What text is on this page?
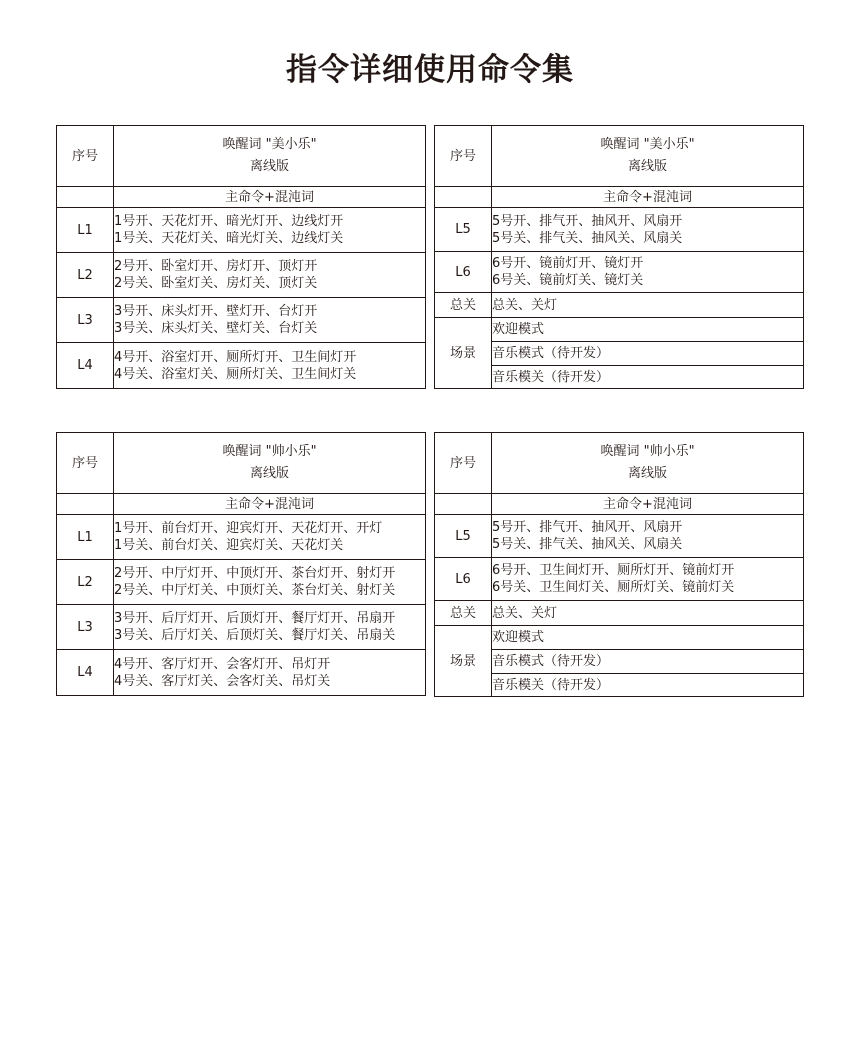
指令详细使用命令集
序号	唤醒词 "美小乐"
离线版

	主命令+混沌词
L1	1号开、天花灯开、暗光灯开、边线灯开
1号关、天花灯关、暗光灯关、边线灯关

L2	2号开、卧室灯开、房灯开、顶灯开
2号关、卧室灯关、房灯关、顶灯关

L3	3号开、床头灯开、壁灯开、台灯开
3号关、床头灯关、壁灯关、台灯关

L4	4号开、浴室灯开、厕所灯开、卫生间灯开
4号关、浴室灯关、厕所灯关、卫生间灯关
序号	唤醒词 "美小乐"
离线版

	主命令+混沌词
L5	5号开、排气开、抽风开、风扇开
5号关、排气关、抽风关、风扇关

L6	6号开、镜前灯开、镜灯开
6号关、镜前灯关、镜灯关

总关	总关、关灯
场景	欢迎模式
	音乐模式（待开发）
	音乐模关（待开发）
序号	唤醒词 "帅小乐"
离线版

	主命令+混沌词
L1	1号开、前台灯开、迎宾灯开、天花灯开、开灯
1号关、前台灯关、迎宾灯关、天花灯关

L2	2号开、中厅灯开、中顶灯开、茶台灯开、射灯开
2号关、中厅灯关、中顶灯关、茶台灯关、射灯关

L3	3号开、后厅灯开、后顶灯开、餐厅灯开、吊扇开
3号关、后厅灯关、后顶灯关、餐厅灯关、吊扇关

L4	4号开、客厅灯开、会客灯开、吊灯开
4号关、客厅灯关、会客灯关、吊灯关
序号	唤醒词 "帅小乐"
离线版

	主命令+混沌词
L5	5号开、排气开、抽风开、风扇开
5号关、排气关、抽风关、风扇关

L6	6号开、卫生间灯开、厕所灯开、镜前灯开
6号关、卫生间灯关、厕所灯关、镜前灯关

总关	总关、关灯
场景	欢迎模式
	音乐模式（待开发）
	音乐模关（待开发）
